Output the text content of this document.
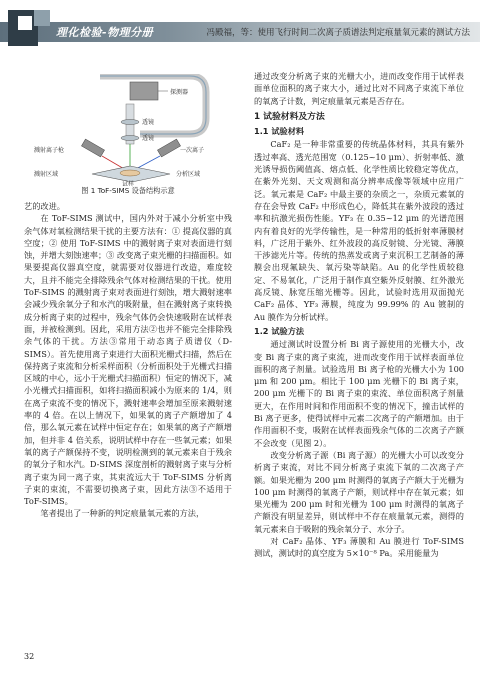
理化检验-物理分册	冯殿福，等：使用飞行时间二次离子质谱法判定痕量氧元素的测试方法
探测器
透镜
透镜
一次离子
溅射离子枪
溅射区域	分析区域
试样
图 1 ToF-SIMS 设备结构示意

艺的改进。

在 ToF-SIMS 测试中，国内外对于减小分析室中残余气体对氧检测结果干扰的主要方法有：① 提高仪器的真空度；② 使用 ToF-SIMS 中的溅射离子束对表面进行刻蚀，并增大刻蚀速率；③ 改变离子束光栅的扫描面积。如果要提高仪器真空度，就需要对仪器进行改造，难度较大，且并不能完全排除残余气体对检测结果的干扰。使用 ToF-SIMS 的溅射离子束对表面进行刻蚀，增大溅射速率会减少残余氧分子和水汽的吸附量，但在溅射离子束转换成分析离子束的过程中，残余气体仍会快速吸附在试样表面，并被检测到。因此，采用方法②也并不能完全排除残余气体的干扰。方法③常用于动态离子质谱仪（D-SIMS）。首先使用离子束进行大面积光栅式扫描，然后在保持离子束流和分析采样面积（分析面积处于光栅式扫描区域的中心，远小于光栅式扫描面积）恒定的情况下，减小光栅式扫描面积，如将扫描面积减小为原来的 1/4，则在离子束流不变的情况下，溅射速率会增加至原来溅射速率的 4 倍。在以上情况下，如果氧的离子产额增加了 4 倍，那么氧元素在试样中恒定存在；如果氧的离子产额增加，但并非 4 倍关系，说明试样中存在一些氧元素；如果氧的离子产额保持不变，说明检测到的氧元素来自于残余的氧分子和水汽。D-SIMS 深度剖析的溅射离子束与分析离子束为同一离子束，其束流远大于 ToF-SIMS 分析离子束的束流，不需要切换离子束，因此方法③不适用于 ToF-SIMS。

笔者提出了一种新的判定痕量氧元素的方法，

通过改变分析离子束的光栅大小，进而改变作用于试样表面单位面积的离子束大小，通过比对不同离子束流下单位的氧离子计数，判定痕量氧元素是否存在。

1 试验材料及方法
1.1 试验材料

CaF₂ 是一种非常重要的传统晶体材料，其具有紫外透过率高、透光范围宽（0.125~10 μm）、折射率低、激光诱导损伤阈值高、熔点低、化学性质比较稳定等优点，在紫外光刻、天文观测和高分辨率成像等领域中应用广泛。氧元素是 CaF₂ 中最主要的杂质之一，杂质元素氧的存在会导致 CaF₂ 中形成色心，降低其在紫外波段的透过率和抗激光损伤性能。YF₃ 在 0.35~12 μm 的光谱范围内有着良好的光学传输性，是一种常用的低折射率薄膜材料，广泛用于紫外、红外波段的高反射镜、分光镜、薄膜干涉滤光片等。传统的热蒸发或离子束沉积工艺制备的薄膜会出现氟缺失、氧污染等缺陷。Au 的化学性质较稳定、不易氧化，广泛用于制作真空紫外反射膜、红外激光高反镜、脉宽压缩光栅等。因此，试验时选用双面抛光 CaF₂ 晶体、YF₃ 薄膜，纯度为 99.99% 的 Au 镀制的 Au 膜作为分析试样。

1.2 试验方法

通过测试时设置分析 Bi 离子源使用的光栅大小，改变 Bi 离子束的离子束流，进而改变作用于试样表面单位面积的离子剂量。试验选用 Bi 离子枪的光栅大小为 100 μm 和 200 μm。相比于 100 μm 光栅下的 Bi 离子束，200 μm 光栅下的 Bi 离子束的束流、单位面积离子剂量更大，在作用时间和作用面积不变的情况下，撞击试样的 Bi 离子更多，使得试样中元素二次离子的产额增加。由于作用面积不变，吸附在试样表面残余气体的二次离子产额不会改变（见图 2）。

改变分析离子源（Bi 离子源）的光栅大小可以改变分析离子束流，对比不同分析离子束流下氧的二次离子产额。如果光栅为 200 μm 时测得的氧离子产额大于光栅为 100 μm 时测得的氧离子产额，则试样中存在氧元素；如果光栅为 200 μm 时和光栅为 100 μm 时测得的氧离子产额没有明显差异，则试样中不存在痕量氧元素，测得的氧元素来自于吸附的残余氧分子、水分子。

对 CaF₂ 晶体、YF₃ 薄膜和 Au 膜进行 ToF-SIMS 测试，测试时的真空度为 5×10⁻⁸ Pa。采用能量为

32
